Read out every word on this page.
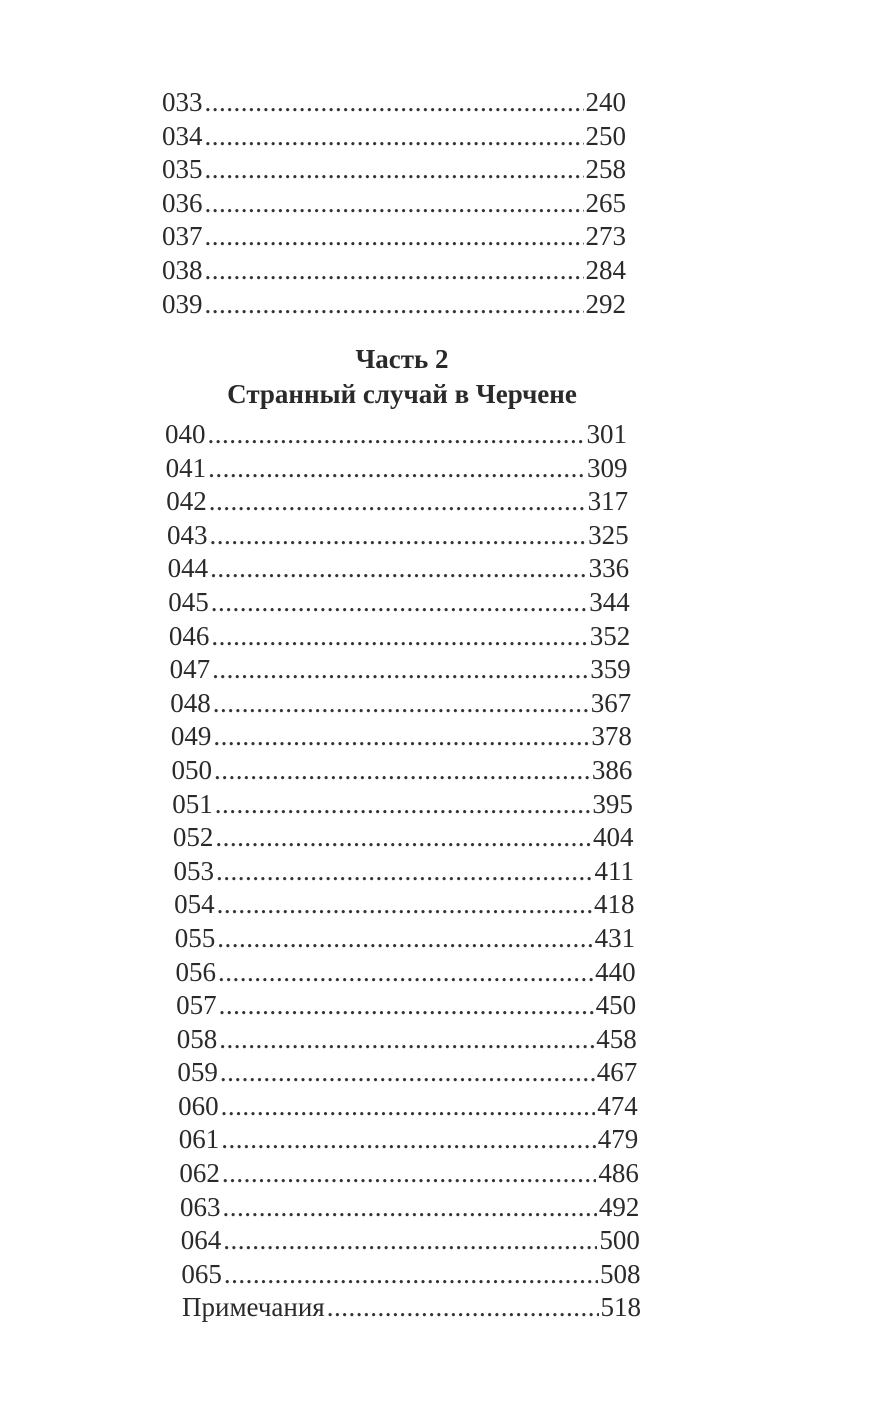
033 .....	240
034 .....	250
035 .....	258
036 .....	265
037 .....	273
038 .....	284
039 .....	292
Часть 2
Странный случай в Черчене
040 .....	301
041 .....	309
042 .....	317
043 .....	325
044 .....	336
045 .....	344
046 .....	352
047 .....	359
048 .....	367
049 .....	378
050 .....	386
051 .....	395
052 .....	404
053 .....	411
054 .....	418
055 .....	431
056 .....	440
057 .....	450
058 .....	458
059 .....	467
060 .....	474
061 .....	479
062 .....	486
063 .....	492
064 .....	500
065 .....	508
Примечания .....	518
